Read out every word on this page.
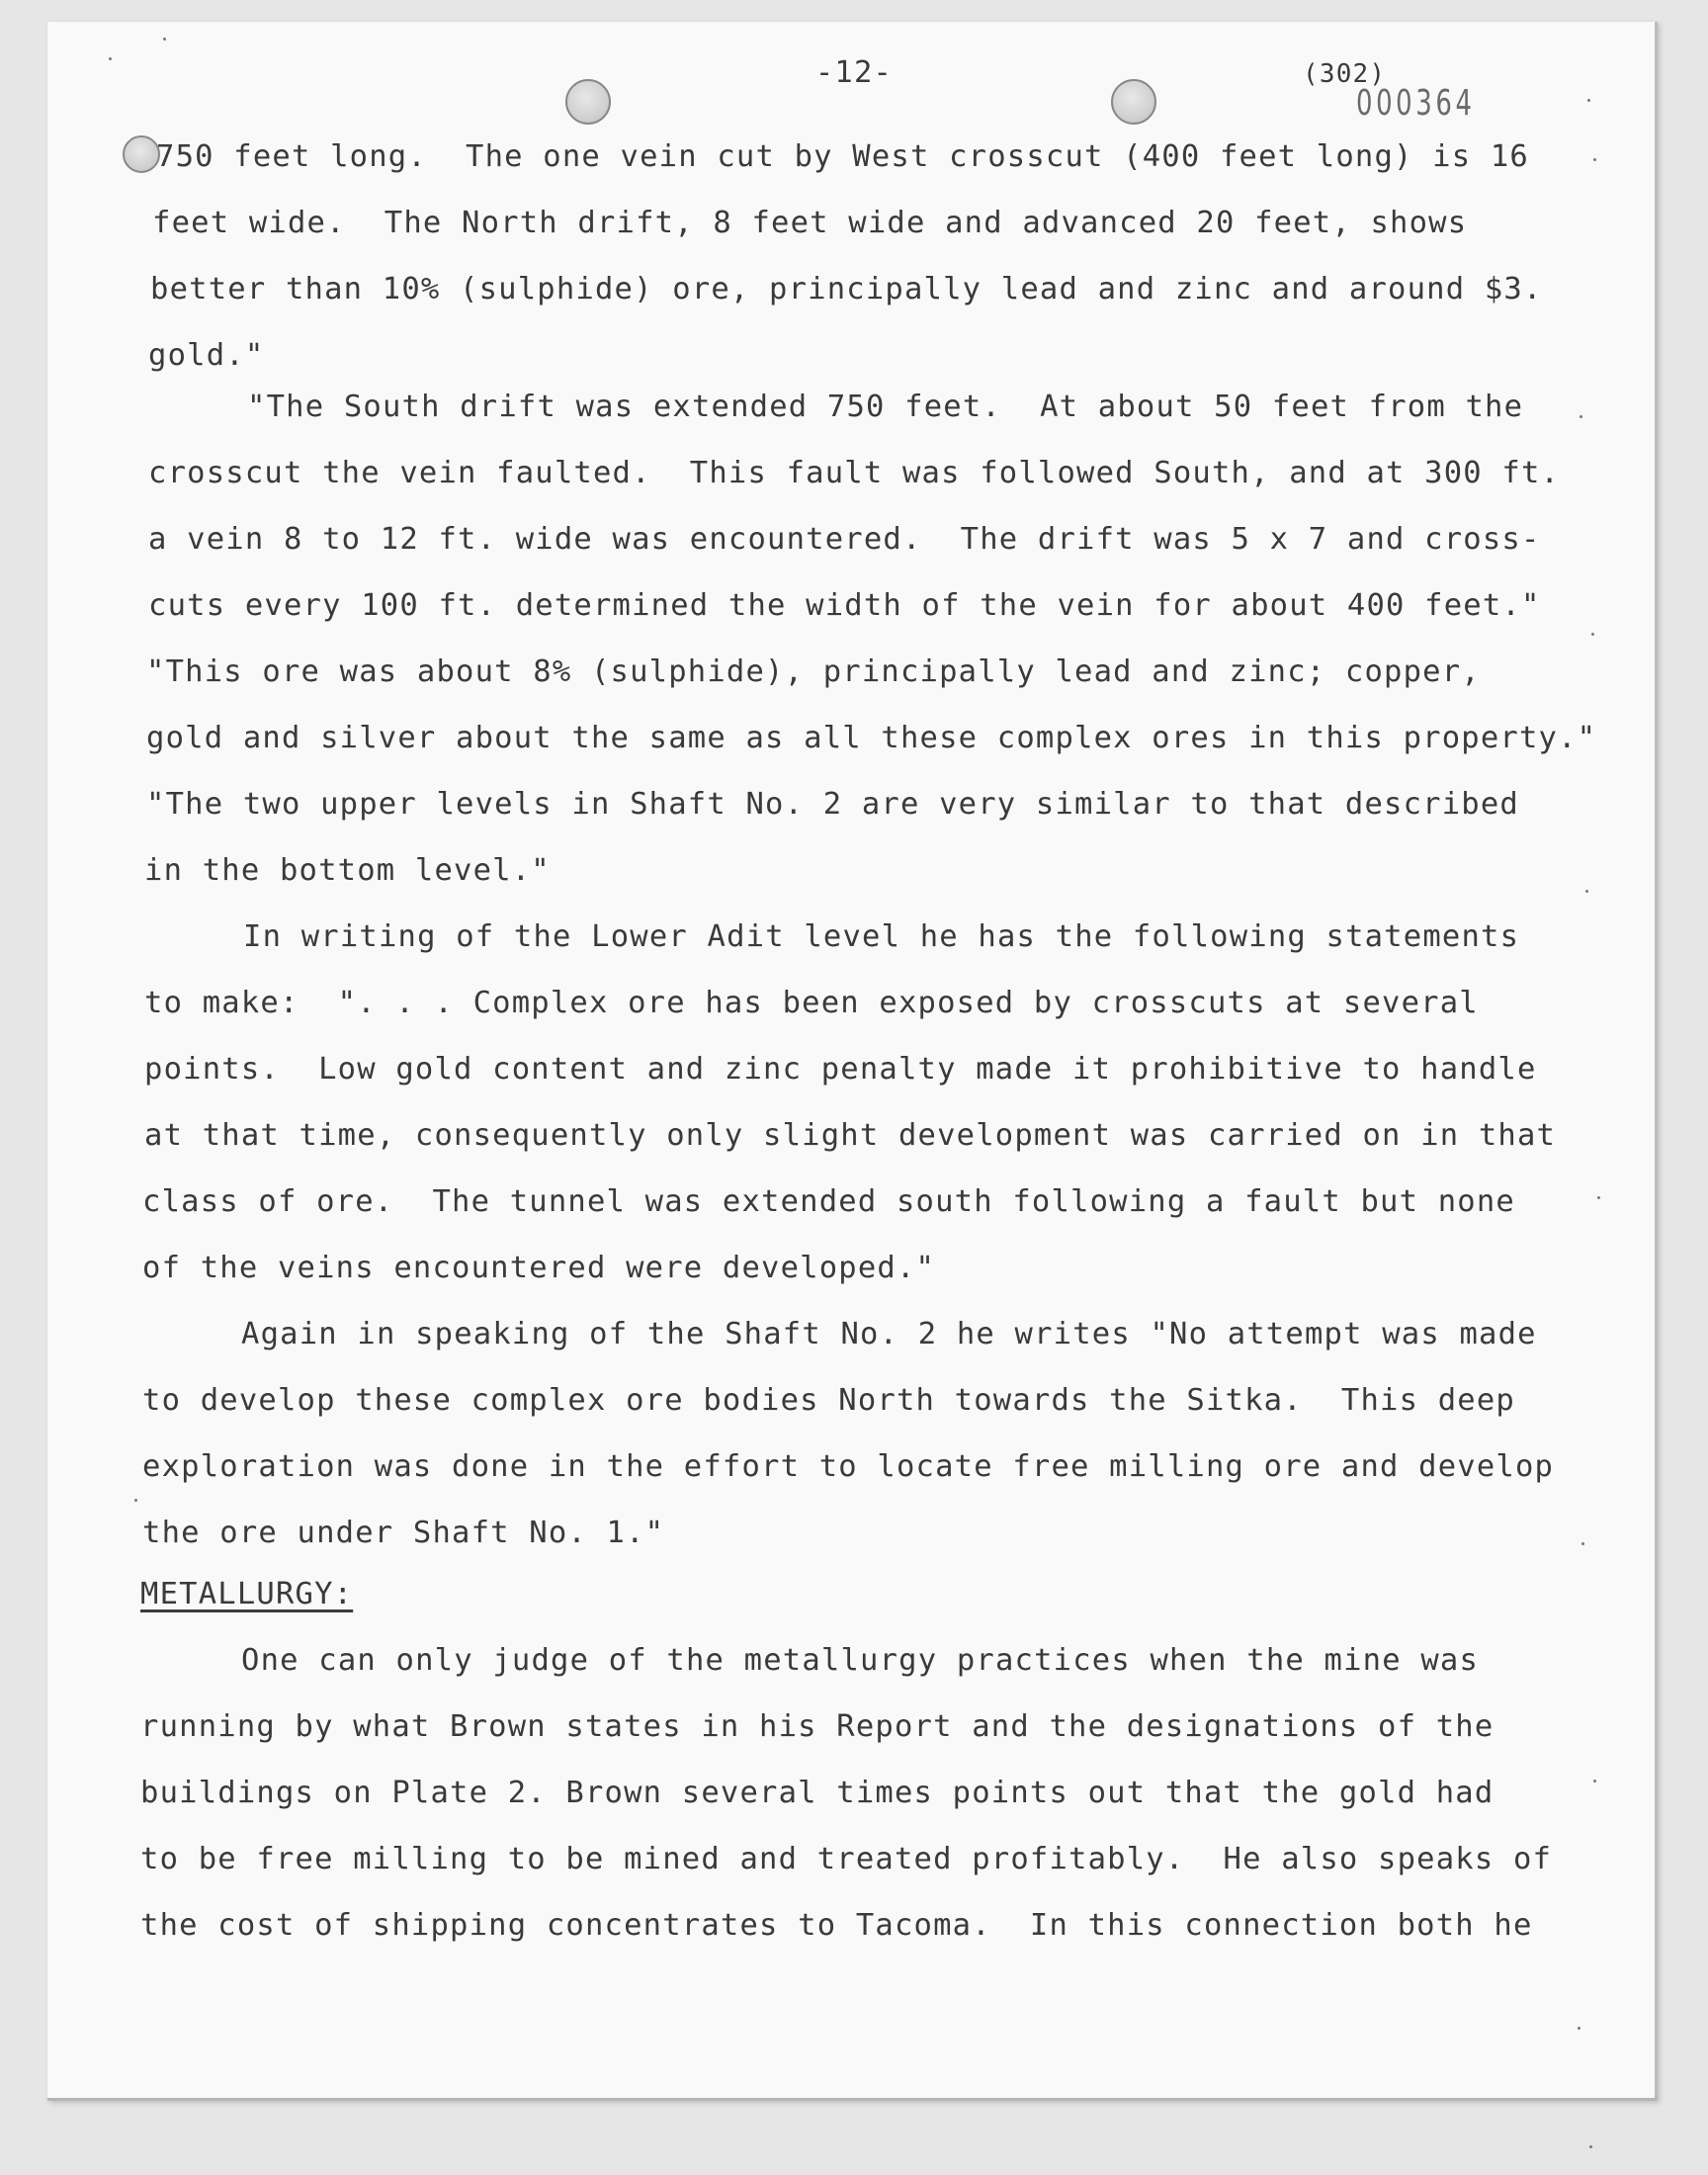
-12-	(302)

000364

750 feet long.  The one vein cut by West crosscut (400 feet long) is 16
feet wide.  The North drift, 8 feet wide and advanced 20 feet, shows
better than 10% (sulphide) ore, principally lead and zinc and around $3.
gold."
"The South drift was extended 750 feet.  At about 50 feet from the
crosscut the vein faulted.  This fault was followed South, and at 300 ft.
a vein 8 to 12 ft. wide was encountered.  The drift was 5 x 7 and cross-
cuts every 100 ft. determined the width of the vein for about 400 feet."
"This ore was about 8% (sulphide), principally lead and zinc; copper,
gold and silver about the same as all these complex ores in this property."
"The two upper levels in Shaft No. 2 are very similar to that described
in the bottom level."
In writing of the Lower Adit level he has the following statements
to make:  ". . . Complex ore has been exposed by crosscuts at several
points.  Low gold content and zinc penalty made it prohibitive to handle
at that time, consequently only slight development was carried on in that
class of ore.  The tunnel was extended south following a fault but none
of the veins encountered were developed."
Again in speaking of the Shaft No. 2 he writes "No attempt was made
to develop these complex ore bodies North towards the Sitka.  This deep
exploration was done in the effort to locate free milling ore and develop
the ore under Shaft No. 1."
METALLURGY:
One can only judge of the metallurgy practices when the mine was
running by what Brown states in his Report and the designations of the
buildings on Plate 2. Brown several times points out that the gold had
to be free milling to be mined and treated profitably.  He also speaks of
the cost of shipping concentrates to Tacoma.  In this connection both he
